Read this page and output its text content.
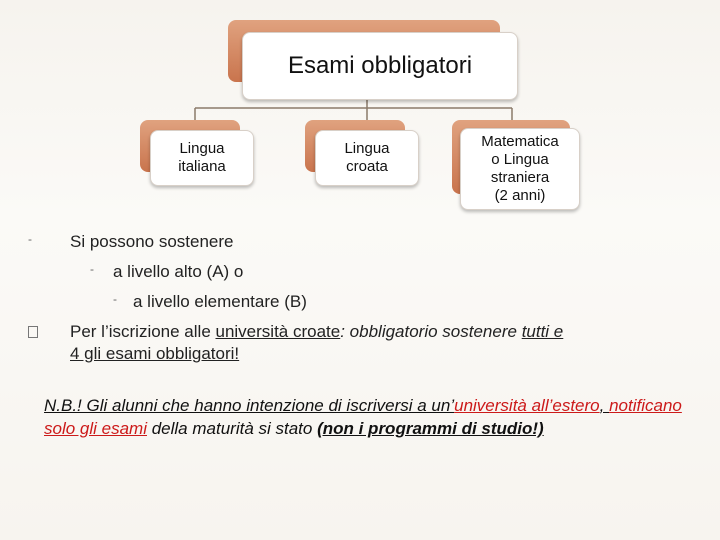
Esami obbligatori
Lingua
italiana
Lingua
croata
Matematica
o Lingua
straniera
(2 anni)
- Si possono sostenere
- a livello alto (A) o
- a livello elementare (B)
Per l’iscrizione alle università croate: obbligatorio sostenere tutti e
4 gli esami obbligatori!
N.B.! Gli alunni che hanno intenzione di iscriversi a un’università all’estero, notificano solo gli esami della maturità si stato (non i programmi di studio!)
